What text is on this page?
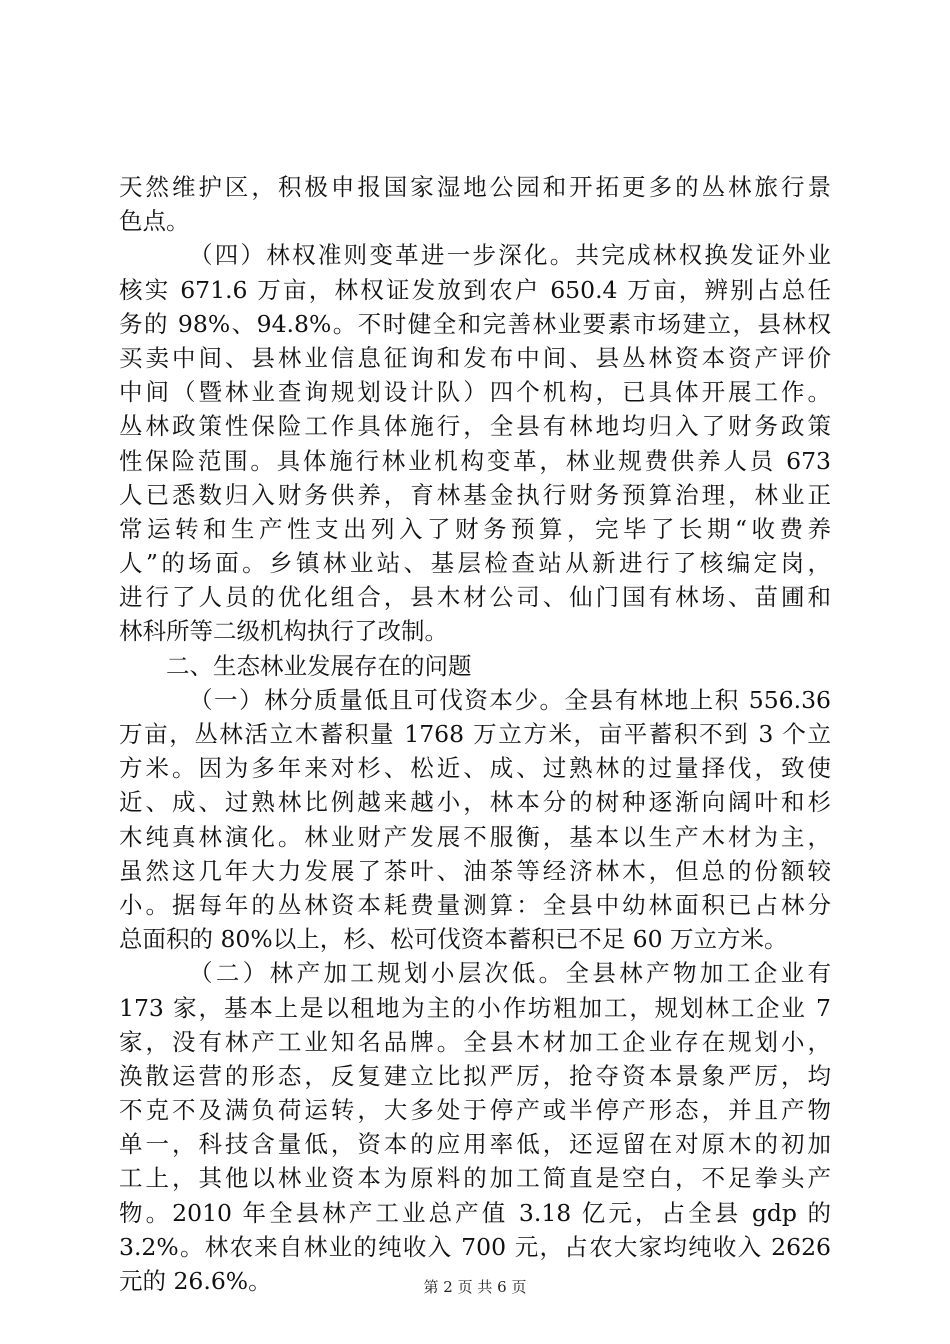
天然维护区，积极申报国家湿地公园和开拓更多的丛林旅行景
色点。
（四）林权准则变革进一步深化。共完成林权换发证外业
核实 671.6 万亩，林权证发放到农户 650.4 万亩，辨别占总任
务的 98%、94.8%。不时健全和完善林业要素市场建立，县林权
买卖中间、县林业信息征询和发布中间、县丛林资本资产评价
中间（暨林业查询规划设计队）四个机构，已具体开展工作。
丛林政策性保险工作具体施行，全县有林地均归入了财务政策
性保险范围。具体施行林业机构变革，林业规费供养人员 673
人已悉数归入财务供养，育林基金执行财务预算治理，林业正
常运转和生产性支出列入了财务预算，完毕了长期“收费养
人”的场面。乡镇林业站、基层检查站从新进行了核编定岗，
进行了人员的优化组合，县木材公司、仙门国有林场、苗圃和
林科所等二级机构执行了改制。
二、生态林业发展存在的问题
（一）林分质量低且可伐资本少。全县有林地上积 556.36
万亩，丛林活立木蓄积量 1768 万立方米，亩平蓄积不到 3 个立
方米。因为多年来对杉、松近、成、过熟林的过量择伐，致使
近、成、过熟林比例越来越小，林本分的树种逐渐向阔叶和杉
木纯真林演化。林业财产发展不服衡，基本以生产木材为主，
虽然这几年大力发展了茶叶、油茶等经济林木，但总的份额较
小。据每年的丛林资本耗费量测算：全县中幼林面积已占林分
总面积的 80%以上，杉、松可伐资本蓄积已不足 60 万立方米。
（二）林产加工规划小层次低。全县林产物加工企业有
173 家，基本上是以租地为主的小作坊粗加工，规划林工企业 7
家，没有林产工业知名品牌。全县木材加工企业存在规划小，
涣散运营的形态，反复建立比拟严厉，抢夺资本景象严厉，均
不克不及满负荷运转，大多处于停产或半停产形态，并且产物
单一，科技含量低，资本的应用率低，还逗留在对原木的初加
工上，其他以林业资本为原料的加工简直是空白，不足拳头产
物。2010 年全县林产工业总产值 3.18 亿元，占全县 gdp 的
3.2%。林农来自林业的纯收入 700 元，占农大家均纯收入 2626
元的 26.6%。	第 2 页 共 6 页
